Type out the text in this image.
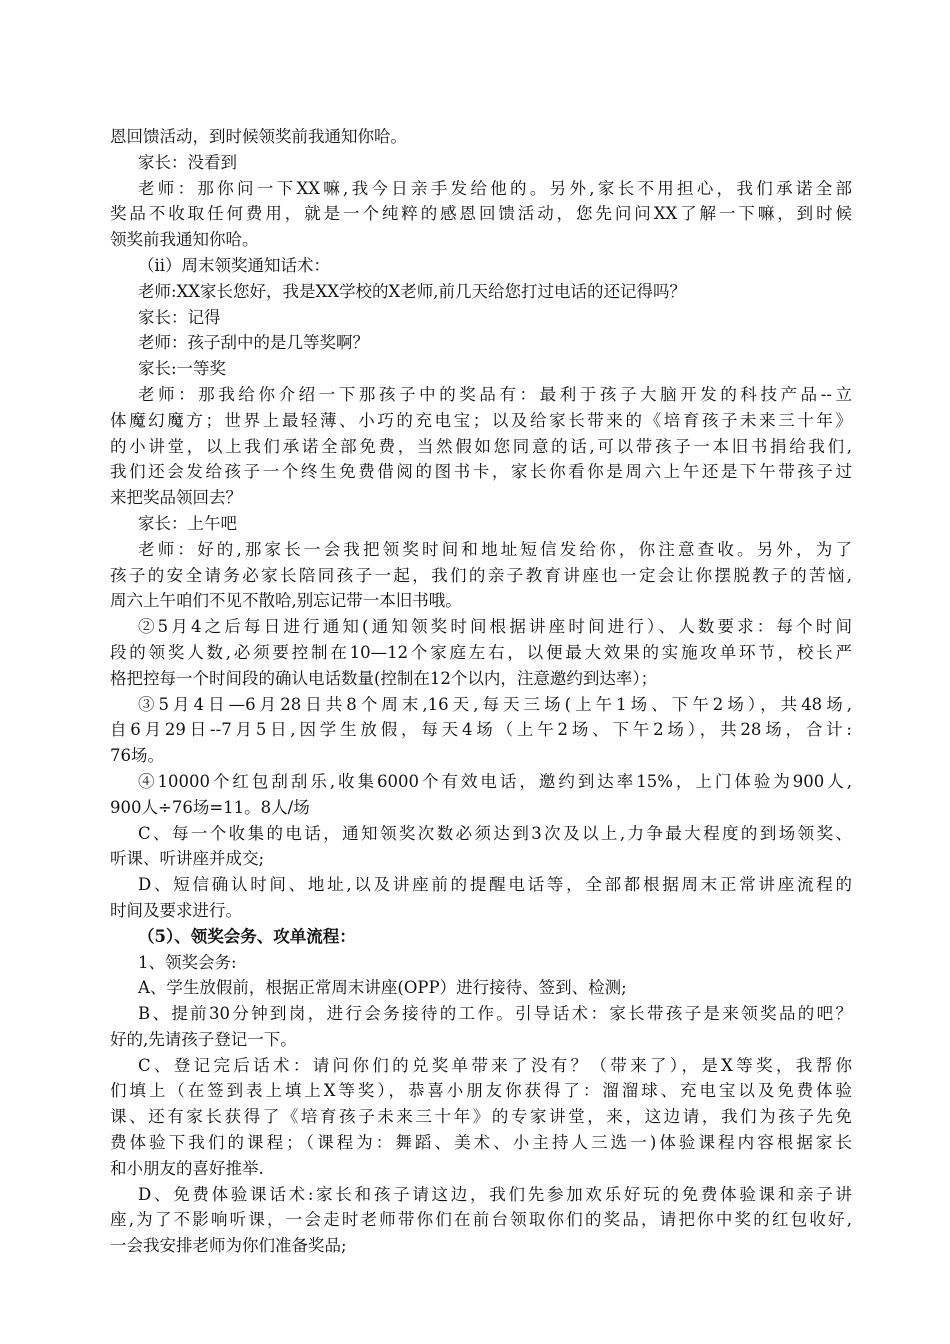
恩回馈活动，到时候领奖前我通知你哈。
家长：没看到
老师：那你问一下XX嘛,我今日亲手发给他的。另外,家长不用担心，我们承诺全部
奖品不收取任何费用，就是一个纯粹的感恩回馈活动，您先问问XX了解一下嘛，到时候
领奖前我通知你哈。
（ii）周末领奖通知话术：
老师:XX家长您好，我是XX学校的X老师,前几天给您打过电话的还记得吗？
家长：记得
老师：孩子刮中的是几等奖啊？
家长:一等奖
老师：那我给你介绍一下那孩子中的奖品有：最利于孩子大脑开发的科技产品--立
体魔幻魔方；世界上最轻薄、小巧的充电宝；以及给家长带来的《培育孩子未来三十年》
的小讲堂，以上我们承诺全部免费，当然假如您同意的话,可以带孩子一本旧书捐给我们,
我们还会发给孩子一个终生免费借阅的图书卡，家长你看你是周六上午还是下午带孩子过
来把奖品领回去？
家长：上午吧
老师：好的,那家长一会我把领奖时间和地址短信发给你，你注意查收。另外，为了
孩子的安全请务必家长陪同孩子一起，我们的亲子教育讲座也一定会让你摆脱教子的苦恼,
周六上午咱们不见不散哈,别忘记带一本旧书哦。
②5月4之后每日进行通知(通知领奖时间根据讲座时间进行）、人数要求：每个时间
段的领奖人数,必须要控制在10—12个家庭左右，以便最大效果的实施攻单环节，校长严
格把控每一个时间段的确认电话数量(控制在12个以内，注意邀约到达率）；
③5月4日—6月28日共8个周末,16天,每天三场(上午1场、下午2场），共48场,
自6月29日--7月5日,因学生放假，每天4场（上午2场、下午2场），共28场，合计:
76场。
④10000个红包刮刮乐,收集6000个有效电话，邀约到达率15%，上门体验为900人,
900人÷76场=11。8人/场
C、每一个收集的电话，通知领奖次数必须达到3次及以上,力争最大程度的到场领奖、
听课、听讲座并成交;
D、短信确认时间、地址,以及讲座前的提醒电话等，全部都根据周末正常讲座流程的
时间及要求进行。
（5）、领奖会务、攻单流程：
1、领奖会务:
A、学生放假前，根据正常周末讲座(OPP）进行接待、签到、检测;
B、提前30分钟到岗，进行会务接待的工作。引导话术：家长带孩子是来领奖品的吧？
好的,先请孩子登记一下。
C、登记完后话术：请问你们的兑奖单带来了没有？（带来了），是X等奖，我帮你
们填上（在签到表上填上X等奖），恭喜小朋友你获得了：溜溜球、充电宝以及免费体验
课、还有家长获得了《培育孩子未来三十年》的专家讲堂，来，这边请，我们为孩子先免
费体验下我们的课程；（课程为：舞蹈、美术、小主持人三选一)体验课程内容根据家长
和小朋友的喜好推举.
D、免费体验课话术:家长和孩子请这边，我们先参加欢乐好玩的免费体验课和亲子讲
座,为了不影响听课，一会走时老师带你们在前台领取你们的奖品，请把你中奖的红包收好,
一会我安排老师为你们准备奖品;
